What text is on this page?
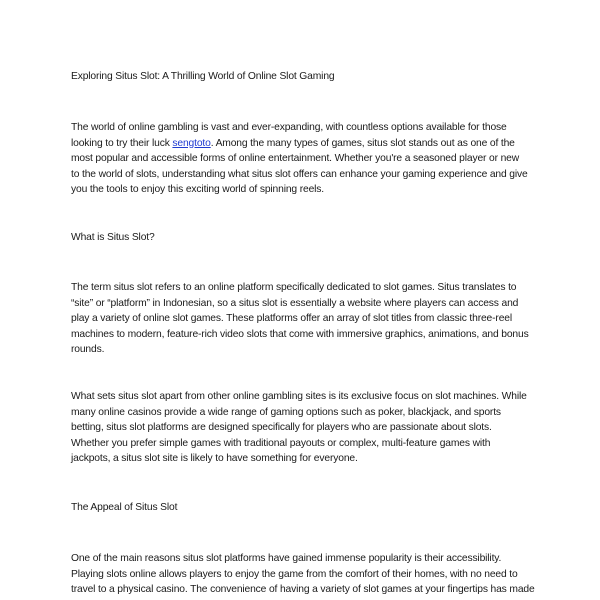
Exploring Situs Slot: A Thrilling World of Online Slot Gaming
The world of online gambling is vast and ever-expanding, with countless options available for those
looking to try their luck sengtoto. Among the many types of games, situs slot stands out as one of the
most popular and accessible forms of online entertainment. Whether you're a seasoned player or new
to the world of slots, understanding what situs slot offers can enhance your gaming experience and give
you the tools to enjoy this exciting world of spinning reels.
What is Situs Slot?
The term situs slot refers to an online platform specifically dedicated to slot games. Situs translates to
“site” or “platform” in Indonesian, so a situs slot is essentially a website where players can access and
play a variety of online slot games. These platforms offer an array of slot titles from classic three-reel
machines to modern, feature-rich video slots that come with immersive graphics, animations, and bonus
rounds.
What sets situs slot apart from other online gambling sites is its exclusive focus on slot machines. While
many online casinos provide a wide range of gaming options such as poker, blackjack, and sports
betting, situs slot platforms are designed specifically for players who are passionate about slots.
Whether you prefer simple games with traditional payouts or complex, multi-feature games with
jackpots, a situs slot site is likely to have something for everyone.
The Appeal of Situs Slot
One of the main reasons situs slot platforms have gained immense popularity is their accessibility.
Playing slots online allows players to enjoy the game from the comfort of their homes, with no need to
travel to a physical casino. The convenience of having a variety of slot games at your fingertips has made
